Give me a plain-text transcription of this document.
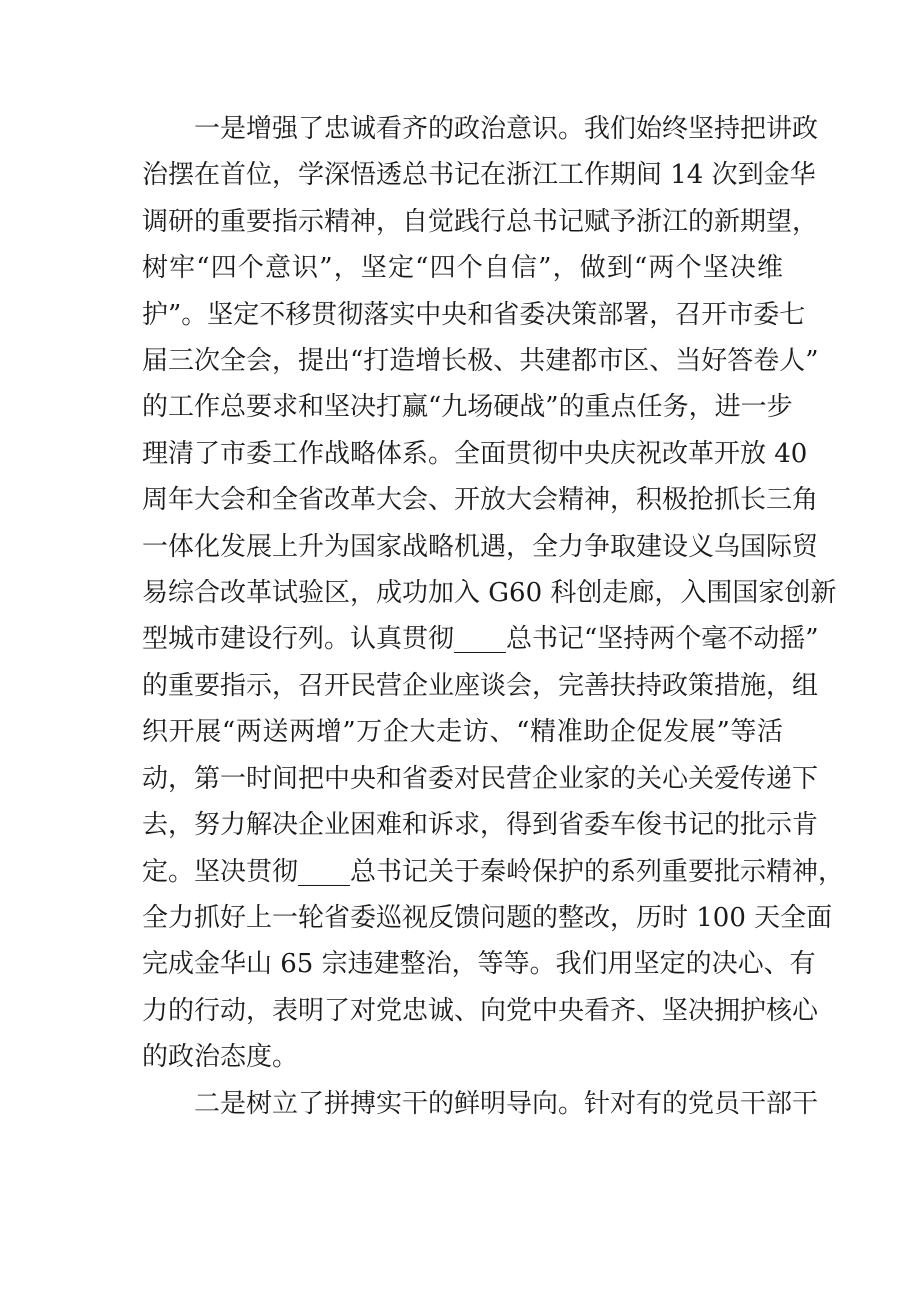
一是增强了忠诚看齐的政治意识。我们始终坚持把讲政
治摆在首位，学深悟透总书记在浙江工作期间 14 次到金华
调研的重要指示精神，自觉践行总书记赋予浙江的新期望，
树牢“四个意识”，坚定“四个自信”，做到“两个坚决维
护”。坚定不移贯彻落实中央和省委决策部署，召开市委七
届三次全会，提出“打造增长极、共建都市区、当好答卷人”
的工作总要求和坚决打赢“九场硬战”的重点任务，进一步
理清了市委工作战略体系。全面贯彻中央庆祝改革开放 40
周年大会和全省改革大会、开放大会精神，积极抢抓长三角
一体化发展上升为国家战略机遇，全力争取建设义乌国际贸
易综合改革试验区，成功加入 G60 科创走廊，入围国家创新
型城市建设行列。认真贯彻____总书记“坚持两个毫不动摇”
的重要指示，召开民营企业座谈会，完善扶持政策措施，组
织开展“两送两增”万企大走访、“精准助企促发展”等活
动，第一时间把中央和省委对民营企业家的关心关爱传递下
去，努力解决企业困难和诉求，得到省委车俊书记的批示肯
定。坚决贯彻____总书记关于秦岭保护的系列重要批示精神，
全力抓好上一轮省委巡视反馈问题的整改，历时 100 天全面
完成金华山 65 宗违建整治，等等。我们用坚定的决心、有
力的行动，表明了对党忠诚、向党中央看齐、坚决拥护核心
的政治态度。
二是树立了拼搏实干的鲜明导向。针对有的党员干部干
